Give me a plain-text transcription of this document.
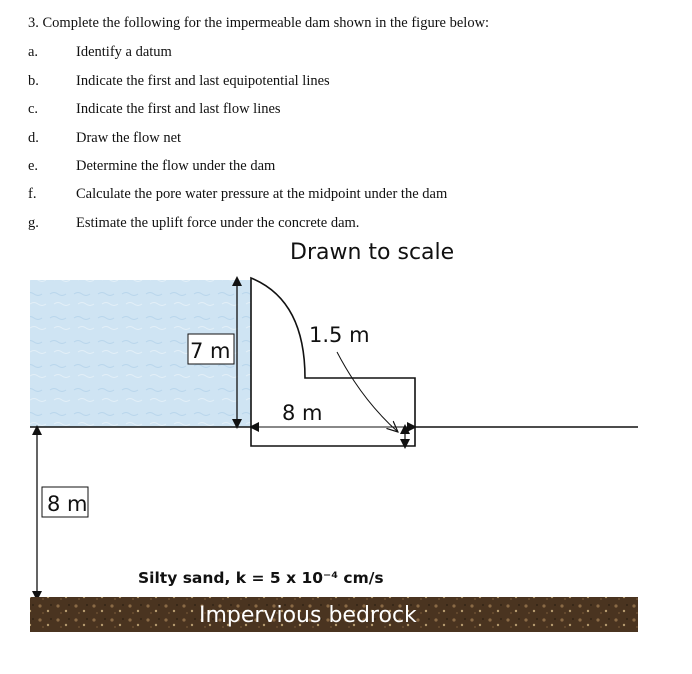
3. Complete the following for the impermeable dam shown in the figure below:
a.	Identify a datum
b.	Indicate the first and last equipotential lines
c.	Indicate the first and last flow lines
d.	Draw the flow net
e.	Determine the flow under the dam
f.	Calculate the pore water pressure at the midpoint under the dam
g.	Estimate the uplift force under the concrete dam.
Drawn to scale
7 m
1.5 m
8 m
8 m
Silty sand, k = 5 x 10⁻⁴ cm/s
Impervious bedrock
